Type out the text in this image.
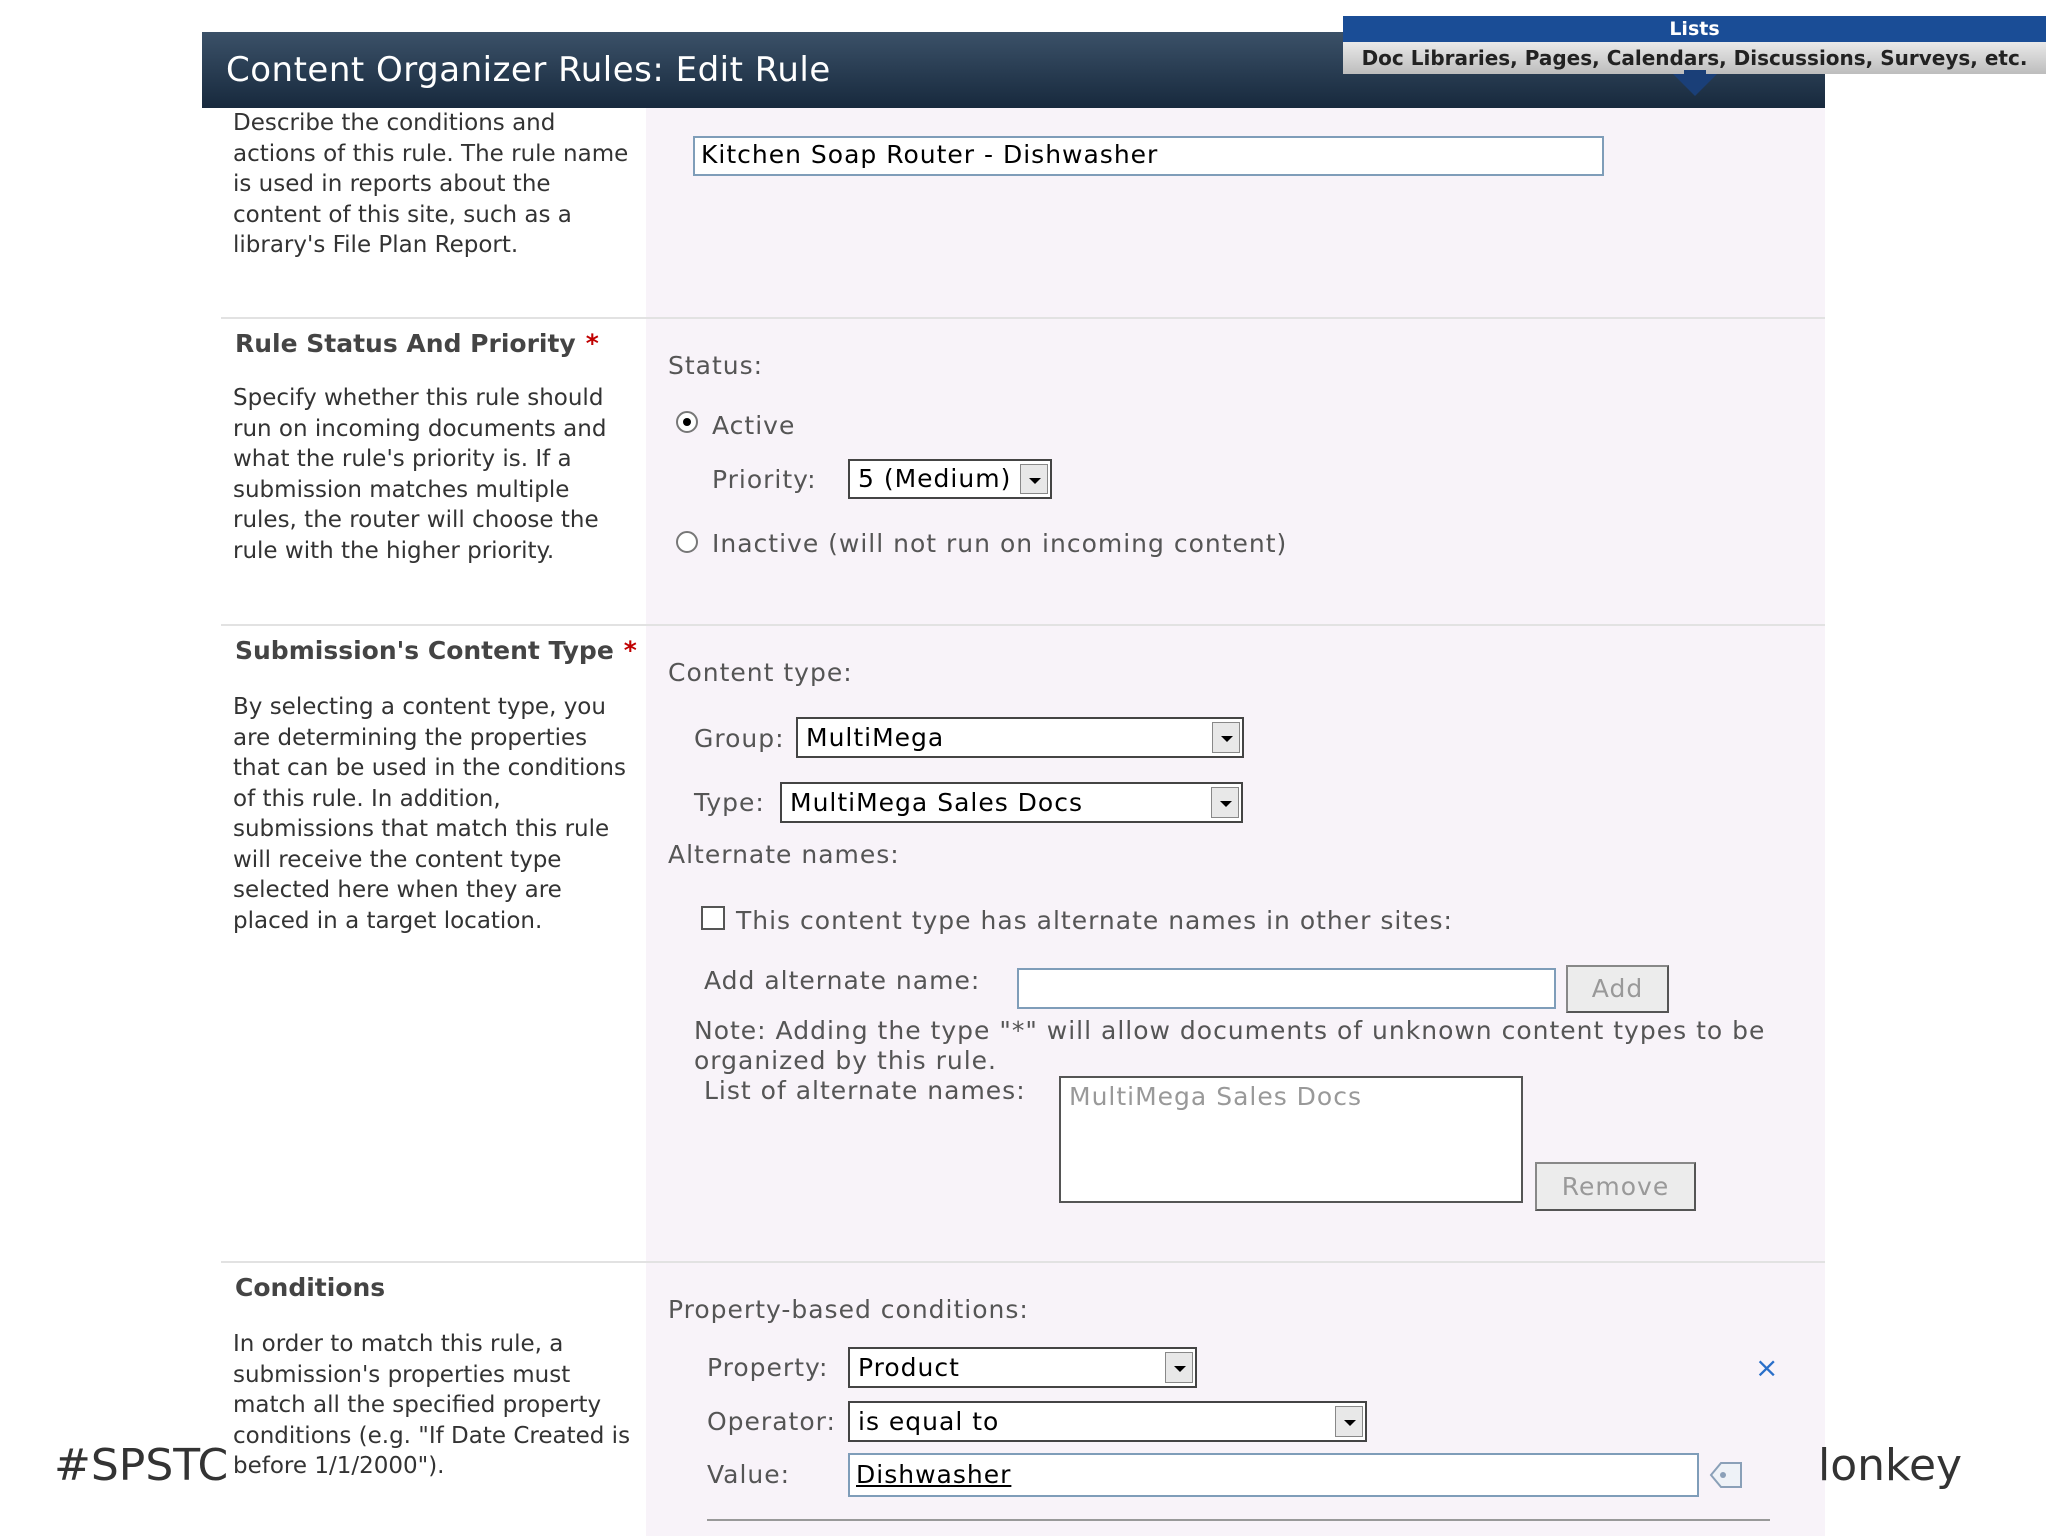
Content Organizer Rules: Edit Rule
Lists
Doc Libraries, Pages, Calendars, Discussions, Surveys, etc.
Describe the conditions and actions of this rule. The rule name is used in reports about the content of this site, such as a library's File Plan Report.
Kitchen Soap Router - Dishwasher
Rule Status And Priority *
Specify whether this rule should run on incoming documents and what the rule's priority is. If a submission matches multiple rules, the router will choose the rule with the higher priority.
Status:
Active
Priority:	5 (Medium)
Inactive (will not run on incoming content)
Submission's Content Type *
By selecting a content type, you are determining the properties that can be used in the conditions of this rule. In addition, submissions that match this rule will receive the content type selected here when they are placed in a target location.
Content type:
Group: MultiMega
Type:	MultiMega Sales Docs
Alternate names:
This content type has alternate names in other sites:
Add alternate name:	Add
Note: Adding the type "*" will allow documents of unknown content types to be organized by this rule.
List of alternate names: MultiMega Sales Docs
Remove
Conditions
In order to match this rule, a submission's properties must match all the specified property conditions (e.g. "If Date Created is before 1/1/2000").
Property-based conditions:
Property:	Product	×
Operator: is equal to
Value:	Dishwasher
#SPSTC	lonkey
